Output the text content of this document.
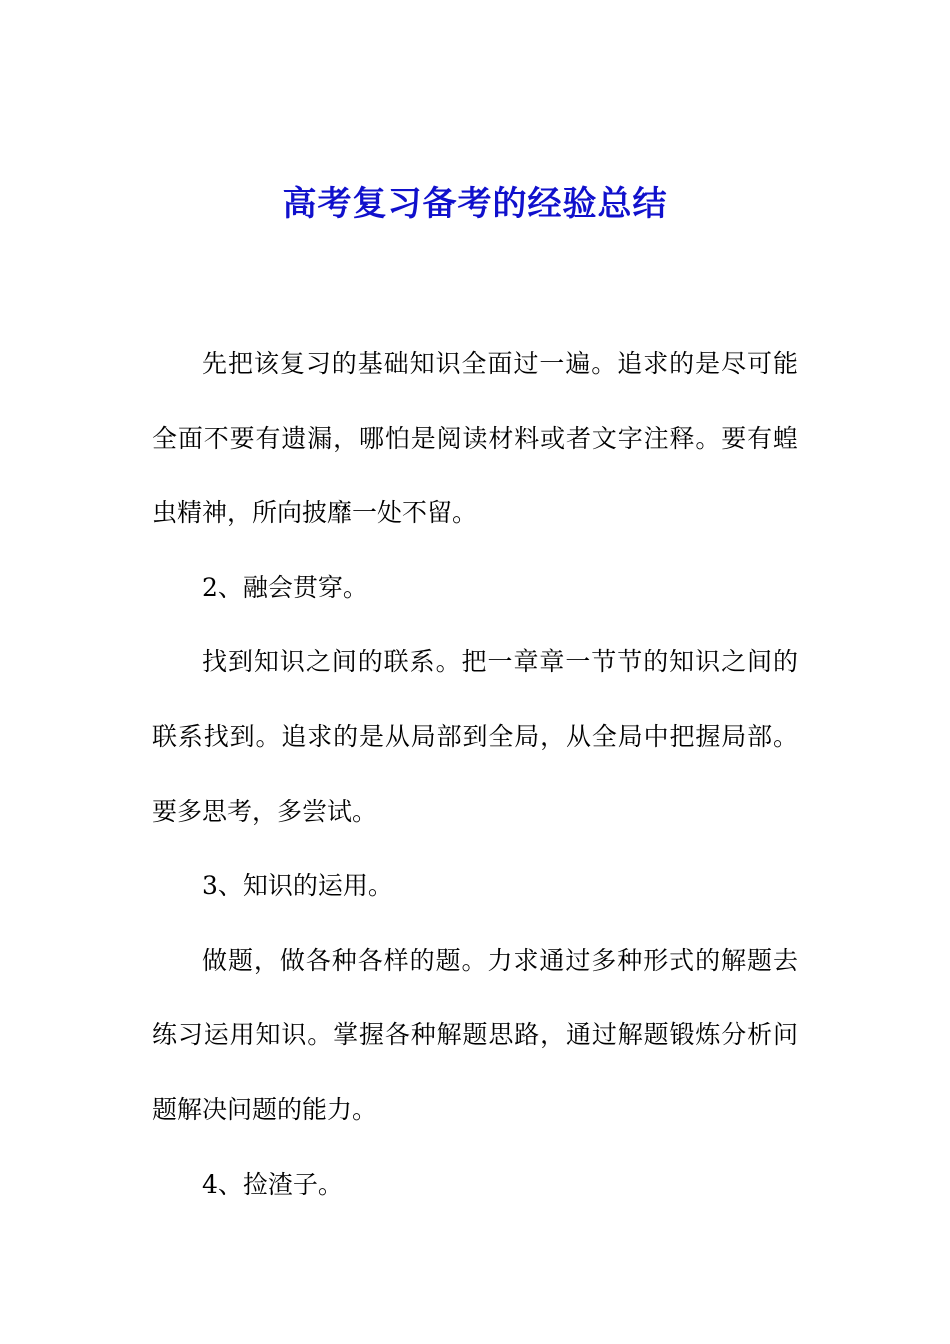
高考复习备考的经验总结

先把该复习的基础知识全面过一遍。追求的是尽可能全面不要有遗漏，哪怕是阅读材料或者文字注释。要有蝗虫精神，所向披靡一处不留。

2、融会贯穿。

找到知识之间的联系。把一章章一节节的知识之间的联系找到。追求的是从局部到全局，从全局中把握局部。要多思考，多尝试。

3、知识的运用。

做题，做各种各样的题。力求通过多种形式的解题去练习运用知识。掌握各种解题思路，通过解题锻炼分析问题解决问题的能力。

4、捡渣子。
